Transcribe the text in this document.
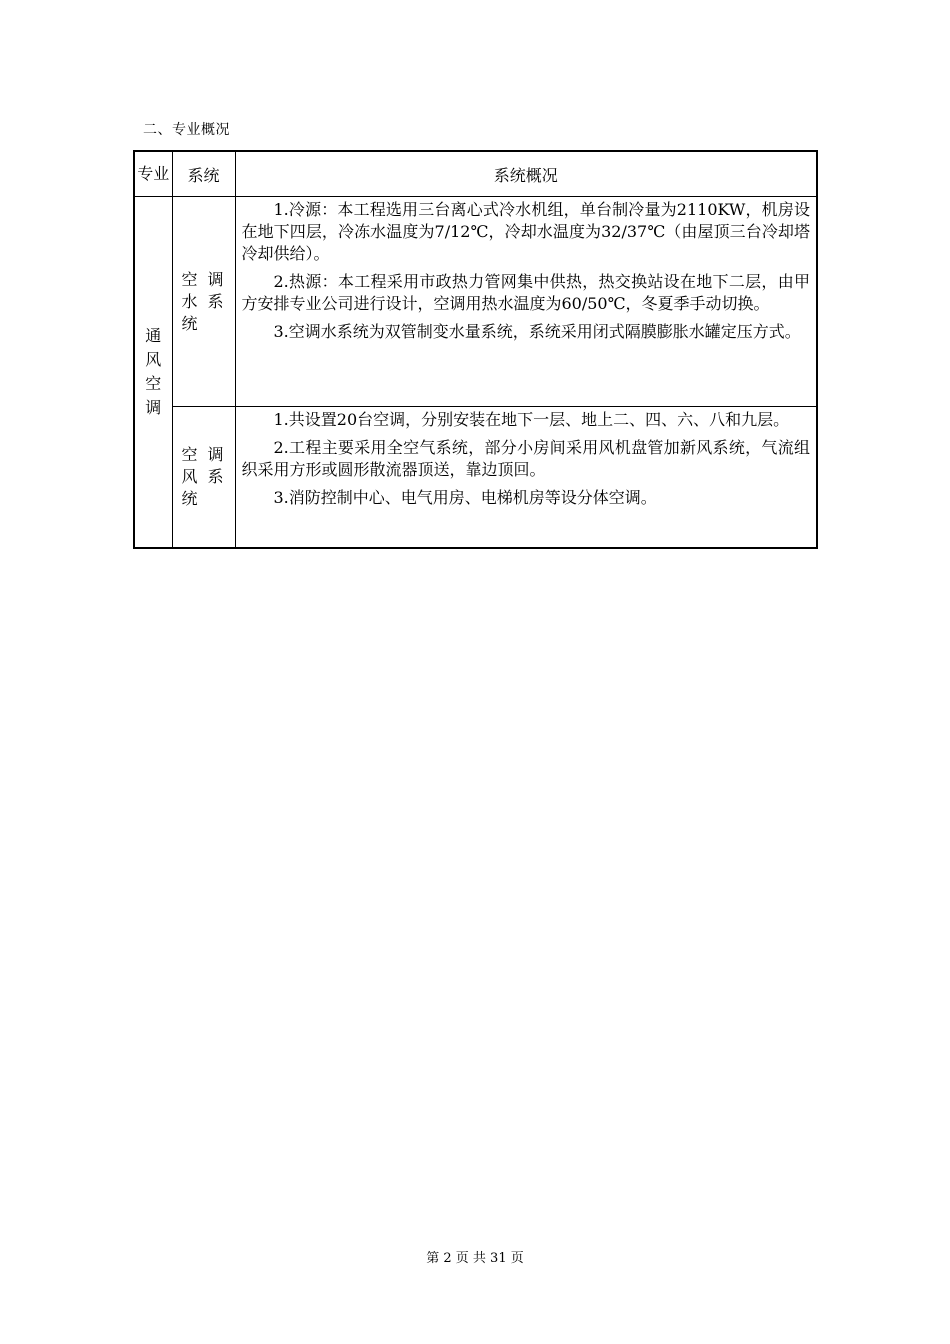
二、专业概况
专业	系统	系统概况

通风空调	空调水系统	1.冷源：本工程选用三台离心式冷水机组，单台制冷量为2110KW，机房设在地下四层，冷冻水温度为7/12℃，冷却水温度为32/37℃（由屋顶三台冷却塔冷却供给）。

2.热源：本工程采用市政热力管网集中供热，热交换站设在地下二层，由甲方安排专业公司进行设计，空调用热水温度为60/50℃，冬夏季手动切换。

3.空调水系统为双管制变水量系统，系统采用闭式隔膜膨胀水罐定压方式。

	空调风系统	1.共设置20台空调，分别安装在地下一层、地上二、四、六、八和九层。

2.工程主要采用全空气系统，部分小房间采用风机盘管加新风系统，气流组织采用方形或圆形散流器顶送，靠边顶回。

3.消防控制中心、电气用房、电梯机房等设分体空调。

第 2 页 共 31 页
